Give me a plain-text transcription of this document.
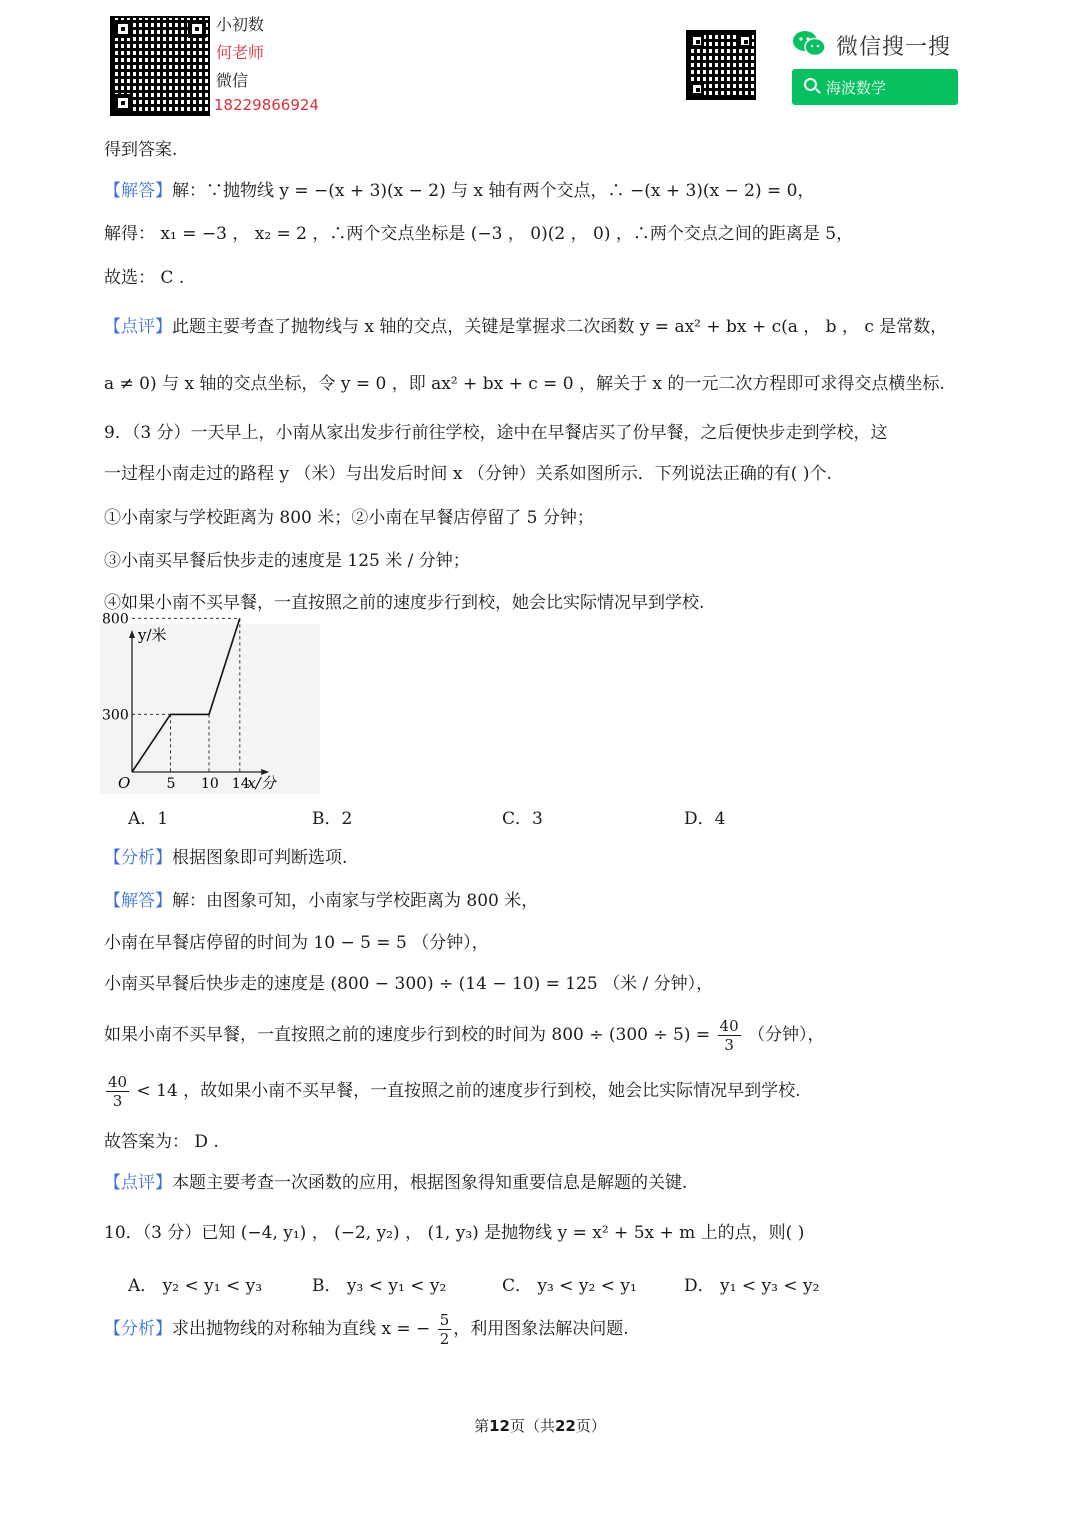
小初数
何老师
微信
18229866924
微信搜一搜
海波数学
得到答案.
【解答】解：∵抛物线 y = −(x + 3)(x − 2) 与 x 轴有两个交点，∴ −(x + 3)(x − 2) = 0，
解得： x₁ = −3 ， x₂ = 2 ，∴两个交点坐标是 (−3 ， 0)(2 ， 0) ，∴两个交点之间的距离是 5，
故选： C .
【点评】此题主要考查了抛物线与 x 轴的交点，关键是掌握求二次函数 y = ax² + bx + c(a ， b ， c 是常数，
a ≠ 0) 与 x 轴的交点坐标，令 y = 0 ，即 ax² + bx + c = 0 ，解关于 x 的一元二次方程即可求得交点横坐标.
9．（3 分）一天早上，小南从家出发步行前往学校，途中在早餐店买了份早餐，之后便快步走到学校，这
一过程小南走过的路程 y （米）与出发后时间 x （分钟）关系如图所示．下列说法正确的有( )个.
①小南家与学校距离为 800 米；②小南在早餐店停留了 5 分钟；
③小南买早餐后快步走的速度是 125 米 / 分钟；
④如果小南不买早餐，一直按照之前的速度步行到校，她会比实际情况早到学校.
y/米
x/分
O
800
300
5 10 14
A．1	B．2	C．3	D．4
【分析】根据图象即可判断选项.
【解答】解：由图象可知，小南家与学校距离为 800 米，
小南在早餐店停留的时间为 10 − 5 = 5 （分钟），
小南买早餐后快步走的速度是 (800 − 300) ÷ (14 − 10) = 125 （米 / 分钟），
如果小南不买早餐，一直按照之前的速度步行到校的时间为 $800 \div (300 \div 5) = \frac{40}{3}$ （分钟），
$\frac{40}{3} < 14$ ，故如果小南不买早餐，一直按照之前的速度步行到校，她会比实际情况早到学校.
故答案为： D .
【点评】本题主要考查一次函数的应用，根据图象得知重要信息是解题的关键.
10．（3 分）已知 (−4, y₁) ， (−2, y₂) ， (1, y₃) 是抛物线 y = x² + 5x + m 上的点，则( )
A． y₂ < y₁ < y₃	B． y₃ < y₁ < y₂	C． y₃ < y₂ < y₁	D． y₁ < y₃ < y₂
【分析】求出抛物线的对称轴为直线 x = − $\frac{5}{2}$ ，利用图象法解决问题.
第12页（共22页）
